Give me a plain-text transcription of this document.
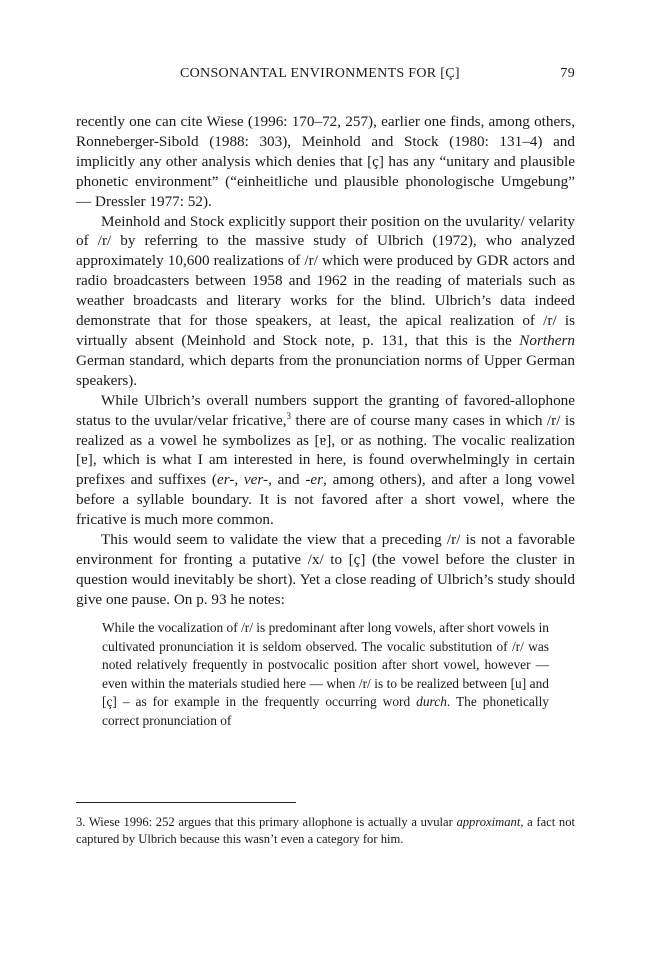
CONSONANTAL ENVIRONMENTS FOR [Ç]	79

recently one can cite Wiese (1996: 170–72, 257), earlier one finds, among others, Ronneberger-Sibold (1988: 303), Meinhold and Stock (1980: 131–4) and implicitly any other analysis which denies that [ç] has any “unitary and plausible phonetic environment” (“einheitliche und plausible phonologische Umgebung” — Dressler 1977: 52).

Meinhold and Stock explicitly support their position on the uvularity/ velarity of /r/ by referring to the massive study of Ulbrich (1972), who analyzed approximately 10,600 realizations of /r/ which were produced by GDR actors and radio broadcasters between 1958 and 1962 in the reading of materials such as weather broadcasts and literary works for the blind. Ulbrich’s data indeed demonstrate that for those speakers, at least, the apical realization of /r/ is virtually absent (Meinhold and Stock note, p. 131, that this is the Northern German standard, which departs from the pronunciation norms of Upper German speakers).

While Ulbrich’s overall numbers support the granting of favored-allophone status to the uvular/velar fricative,$^3$ there are of course many cases in which /r/ is realized as a vowel he symbolizes as [ɐ], or as nothing. The vocalic realization [ɐ], which is what I am interested in here, is found overwhelmingly in certain prefixes and suffixes (er-, ver-, and -er, among others), and after a long vowel before a syllable boundary. It is not favored after a short vowel, where the fricative is much more common.

This would seem to validate the view that a preceding /r/ is not a favorable environment for fronting a putative /x/ to [ç] (the vowel before the cluster in question would inevitably be short). Yet a close reading of Ulbrich’s study should give one pause. On p. 93 he notes:

While the vocalization of /r/ is predominant after long vowels, after short vowels in cultivated pronunciation it is seldom observed. The vocalic substitution of /r/ was noted relatively frequently in postvocalic position after short vowel, however — even within the materials studied here — when /r/ is to be realized between [u] and [ç] – as for example in the frequently occurring word durch. The phonetically correct pronunciation of

3. Wiese 1996: 252 argues that this primary allophone is actually a uvular approximant, a fact not captured by Ulbrich because this wasn’t even a category for him.
